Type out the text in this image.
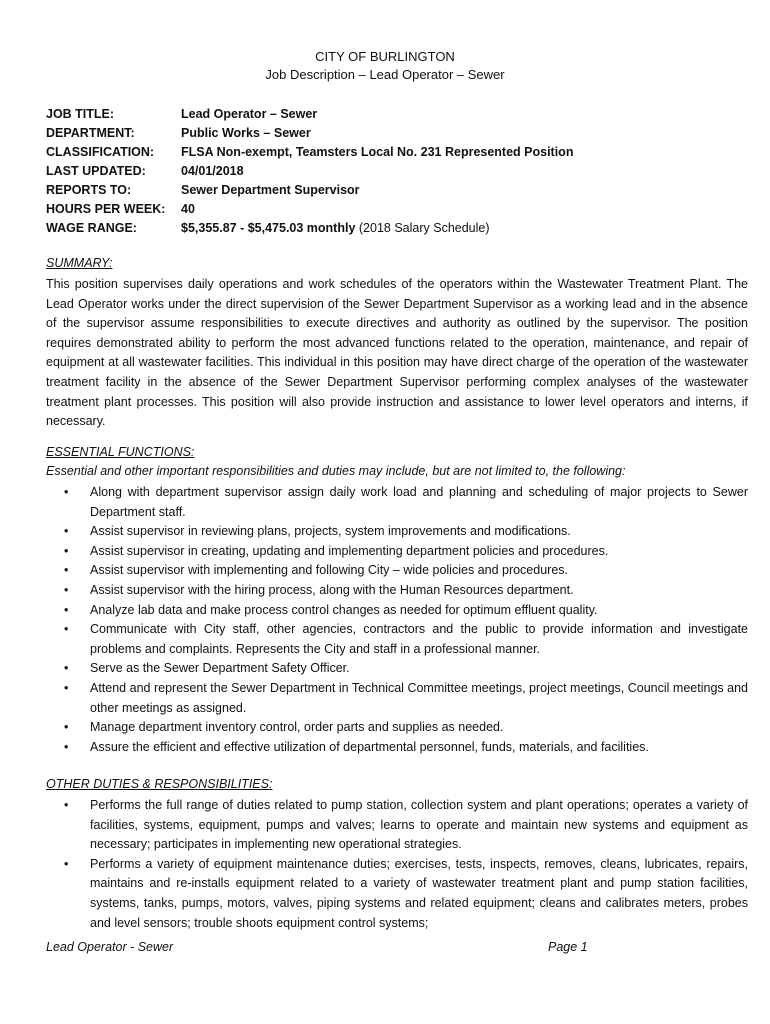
CITY OF BURLINGTON
Job Description – Lead Operator – Sewer
JOB TITLE:	Lead Operator – Sewer
DEPARTMENT:	Public Works – Sewer
CLASSIFICATION:	FLSA Non-exempt, Teamsters Local No. 231 Represented Position
LAST UPDATED:	04/01/2018
REPORTS TO:	Sewer Department Supervisor
HOURS PER WEEK:	40
WAGE RANGE:	$5,355.87 - $5,475.03 monthly (2018 Salary Schedule)
SUMMARY:
This position supervises daily operations and work schedules of the operators within the Wastewater Treatment Plant. The Lead Operator works under the direct supervision of the Sewer Department Supervisor as a working lead and in the absence of the supervisor assume responsibilities to execute directives and authority as outlined by the supervisor. The position requires demonstrated ability to perform the most advanced functions related to the operation, maintenance, and repair of equipment at all wastewater facilities. This individual in this position may have direct charge of the operation of the wastewater treatment facility in the absence of the Sewer Department Supervisor performing complex analyses of the wastewater treatment plant processes. This position will also provide instruction and assistance to lower level operators and interns, if necessary.
ESSENTIAL FUNCTIONS:
Essential and other important responsibilities and duties may include, but are not limited to, the following:
• Along with department supervisor assign daily work load and planning and scheduling of major projects to Sewer Department staff.
• Assist supervisor in reviewing plans, projects, system improvements and modifications.
• Assist supervisor in creating, updating and implementing department policies and procedures.
• Assist supervisor with implementing and following City – wide policies and procedures.
• Assist supervisor with the hiring process, along with the Human Resources department.
• Analyze lab data and make process control changes as needed for optimum effluent quality.
• Communicate with City staff, other agencies, contractors and the public to provide information and investigate problems and complaints. Represents the City and staff in a professional manner.
• Serve as the Sewer Department Safety Officer.
• Attend and represent the Sewer Department in Technical Committee meetings, project meetings, Council meetings and other meetings as assigned.
• Manage department inventory control, order parts and supplies as needed.
• Assure the efficient and effective utilization of departmental personnel, funds, materials, and facilities.
OTHER DUTIES & RESPONSIBILITIES:
• Performs the full range of duties related to pump station, collection system and plant operations; operates a variety of facilities, systems, equipment, pumps and valves; learns to operate and maintain new systems and equipment as necessary; participates in implementing new operational strategies.
• Performs a variety of equipment maintenance duties; exercises, tests, inspects, removes, cleans, lubricates, repairs, maintains and re-installs equipment related to a variety of wastewater treatment plant and pump station facilities, systems, tanks, pumps, motors, valves, piping systems and related equipment; cleans and calibrates meters, probes and level sensors; trouble shoots equipment control systems;
Lead Operator - Sewer	Page 1
